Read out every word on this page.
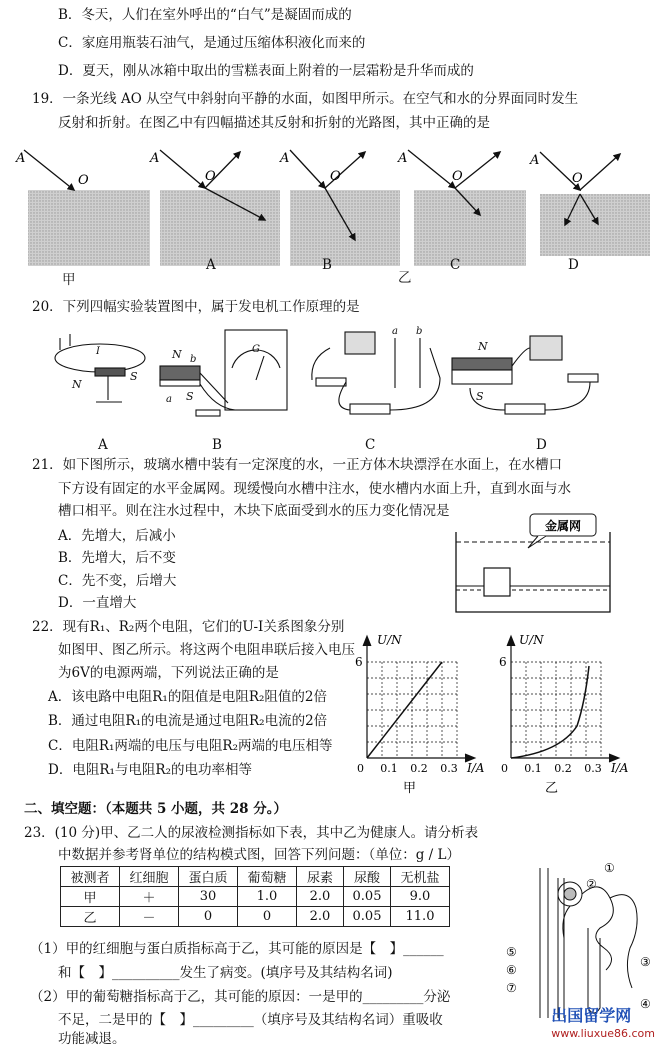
B．冬天，人们在室外呼出的“白气”是凝固而成的
C．家庭用瓶装石油气，是通过压缩体积液化而来的
D．夏天，刚从冰箱中取出的雪糕表面上附着的一层霜粉是升华而成的
19．一条光线 AO 从空气中斜射向平静的水面，如图甲所示。在空气和水的分界面同时发生
反射和折射。在图乙中有四幅描述其反射和折射的光路图，其中正确的是
A
O
A
O
A
O
A
O
A
O
甲
A	B
乙
C	D
20．下列四幅实验装置图中，属于发电机工作原理的是
N
S
I	N
S
a
b
G
a b
N
S
A	B	C	D
21．如下图所示，玻璃水槽中装有一定深度的水，一正方体木块漂浮在水面上，在水槽口
下方设有固定的水平金属网。现缓慢向水槽中注水，使水槽内水面上升，直到水面与水
槽口相平。则在注水过程中，木块下底面受到水的压力变化情况是
A．先增大，后减小
B．先增大，后不变
C．先不变，后增大
D．一直增大
金属网
22．现有R₁、R₂两个电阻，它们的U-I关系图象分别
如图甲、图乙所示。将这两个电阻串联后接入电压
为6V的电源两端，下列说法正确的是
A．该电路中电阻R₁的阻值是电阻R₂阻值的2倍
B．通过电阻R₁的电流是通过电阻R₂电流的2倍
C．电阻R₁两端的电压与电阻R₂两端的电压相等
D．电阻R₁与电阻R₂的电功率相等
U/N
6
0 0.1 0.2 0.3 I/A
甲
U/N
6
0 0.1 0.2 0.3 I/A
乙
二、填空题：（本题共 5 小题，共 28 分。）
23．(10 分)甲、乙二人的尿液检测指标如下表，其中乙为健康人。请分析表
中数据并参考肾单位的结构模式图，回答下列问题：（单位：g / L）
被测者	红细胞	蛋白质	葡萄糖	尿素	尿酸	无机盐
甲	＋	30	1.0	2.0	0.05	9.0
乙	－	0	0	2.0	0.05	11.0
（1）甲的红细胞与蛋白质指标高于乙，其可能的原因是【　】______
和【　】__________发生了病变。(填序号及其结构名词)
（2）甲的葡萄糖指标高于乙，其可能的原因：一是甲的_________分泌
不足，二是甲的【　】_________（填序号及其结构名词）重吸收
功能减退。
①
②
③
④
⑤
⑥
⑦
出国留学网
www.liuxue86.com
